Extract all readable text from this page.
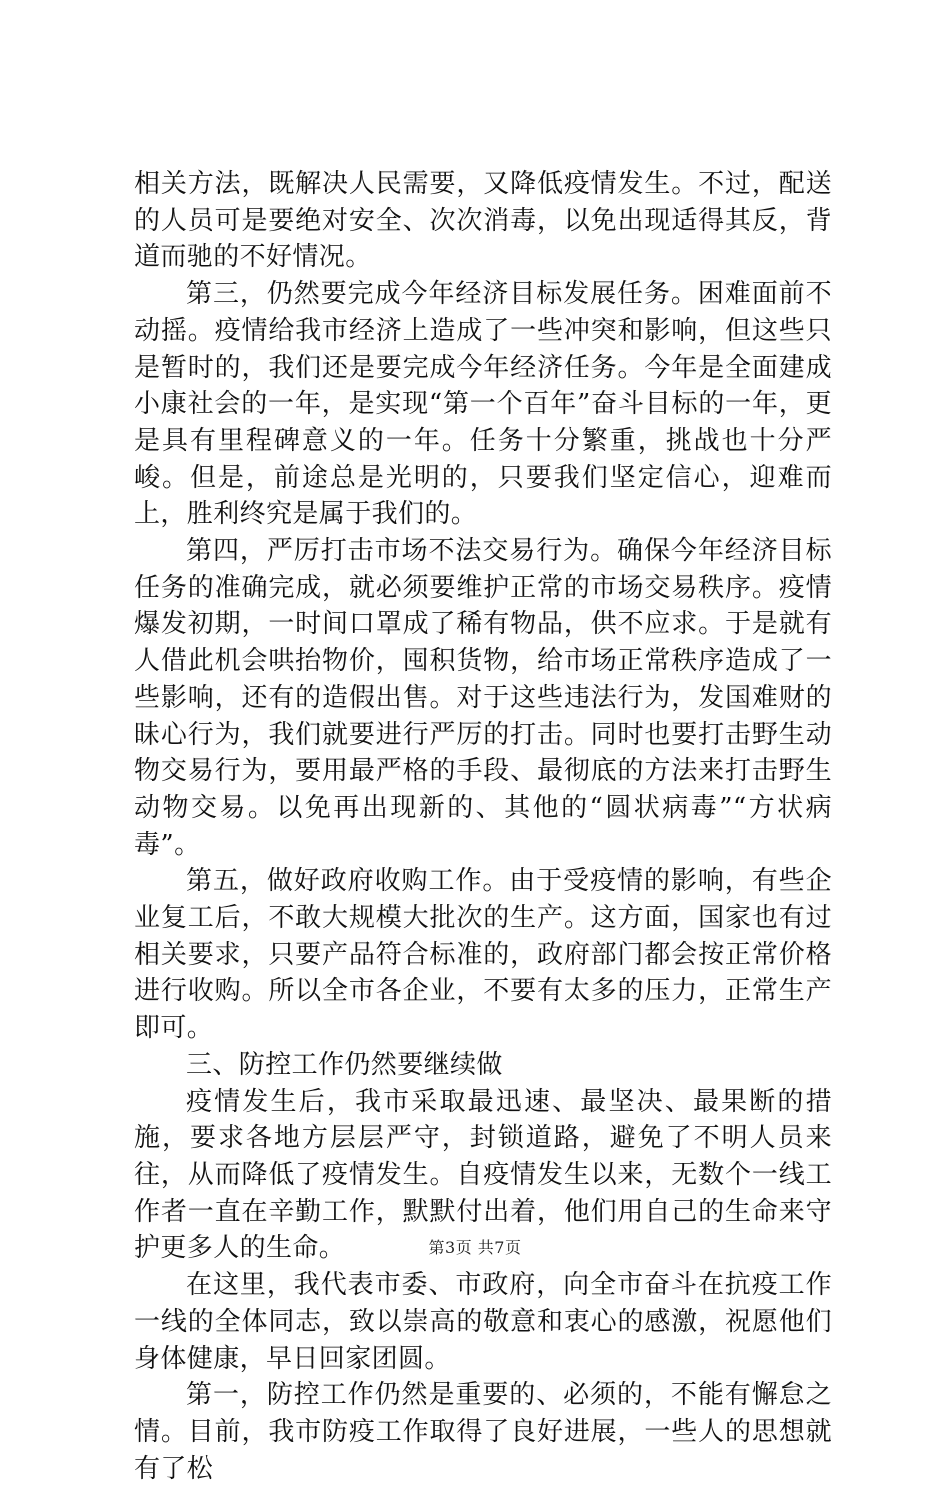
相关方法，既解决人民需要，又降低疫情发生。不过，配送的人员可是要绝对安全、次次消毒，以免出现适得其反，背道而驰的不好情况。

第三，仍然要完成今年经济目标发展任务。困难面前不动摇。疫情给我市经济上造成了一些冲突和影响，但这些只是暂时的，我们还是要完成今年经济任务。今年是全面建成小康社会的一年，是实现“第一个百年”奋斗目标的一年，更是具有里程碑意义的一年。任务十分繁重，挑战也十分严峻。但是，前途总是光明的，只要我们坚定信心，迎难而上，胜利终究是属于我们的。

第四，严厉打击市场不法交易行为。确保今年经济目标任务的准确完成，就必须要维护正常的市场交易秩序。疫情爆发初期，一时间口罩成了稀有物品，供不应求。于是就有人借此机会哄抬物价，囤积货物，给市场正常秩序造成了一些影响，还有的造假出售。对于这些违法行为，发国难财的昧心行为，我们就要进行严厉的打击。同时也要打击野生动物交易行为，要用最严格的手段、最彻底的方法来打击野生动物交易。以免再出现新的、其他的“圆状病毒”“方状病毒”。

第五，做好政府收购工作。由于受疫情的影响，有些企业复工后，不敢大规模大批次的生产。这方面，国家也有过相关要求，只要产品符合标准的，政府部门都会按正常价格进行收购。所以全市各企业，不要有太多的压力，正常生产即可。

三、防控工作仍然要继续做

疫情发生后，我市采取最迅速、最坚决、最果断的措施，要求各地方层层严守，封锁道路，避免了不明人员来往，从而降低了疫情发生。自疫情发生以来，无数个一线工作者一直在辛勤工作，默默付出着，他们用自己的生命来守护更多人的生命。

在这里，我代表市委、市政府，向全市奋斗在抗疫工作一线的全体同志，致以崇高的敬意和衷心的感激，祝愿他们身体健康，早日回家团圆。

第一，防控工作仍然是重要的、必须的，不能有懈怠之情。目前，我市防疫工作取得了良好进展，一些人的思想就有了松

第3页 共7页
